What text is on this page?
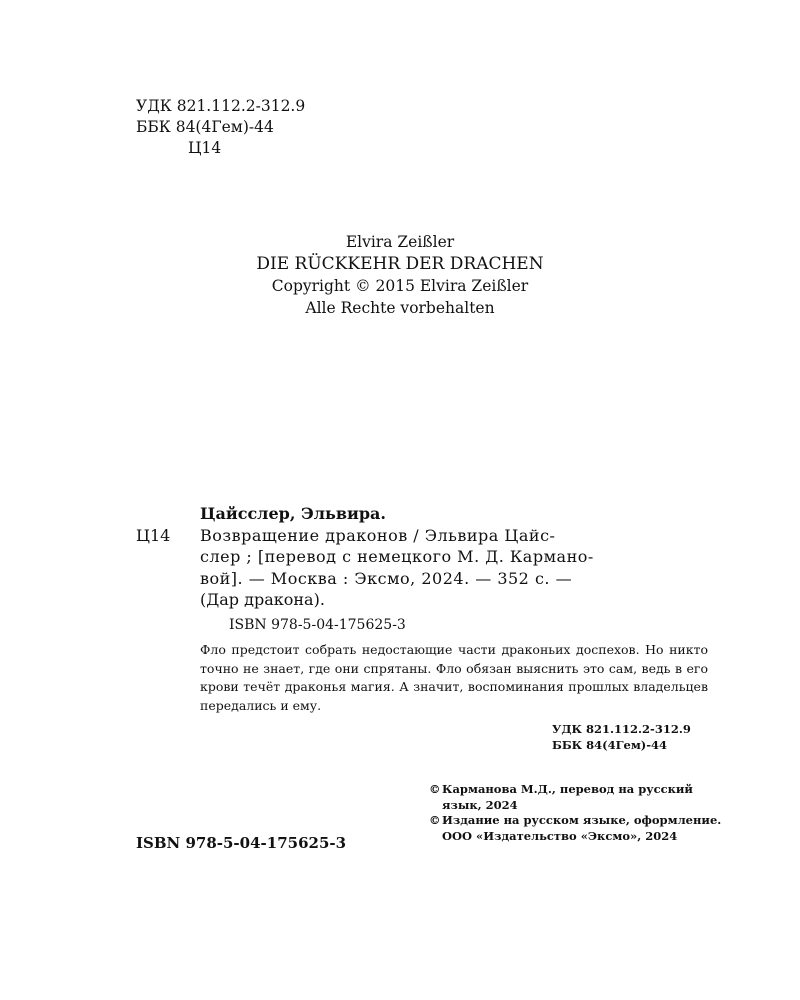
УДК 821.112.2-312.9
ББК 84(4Гем)-44
Ц14
Elvira Zeißler
DIE RÜCKKEHR DER DRACHEN
Copyright © 2015 Elvira Zeißler
Alle Rechte vorbehalten
Ц14
Цайсслер, Эльвира.
Возвращение драконов / Эльвира Цайс-
слер ; [перевод с немецкого М. Д. Карманo-
вой]. — Москва : Эксмо, 2024. — 352 с. —
(Дар дракона).
ISBN 978-5-04-175625-3
Фло предстоит собрать недостающие части драконьих доспехов. Но никто точно не знает, где они спрятаны. Фло обязан выяснить это сам, ведь в его крови течёт драконья магия. А значит, воспоминания прошлых владельцев передались и ему.
УДК 821.112.2-312.9
ББК 84(4Гем)-44
© Карманова М.Д., перевод на русский язык, 2024
© Издание на русском языке, оформление. ООО «Издательство «Эксмо», 2024
ISBN 978-5-04-175625-3
